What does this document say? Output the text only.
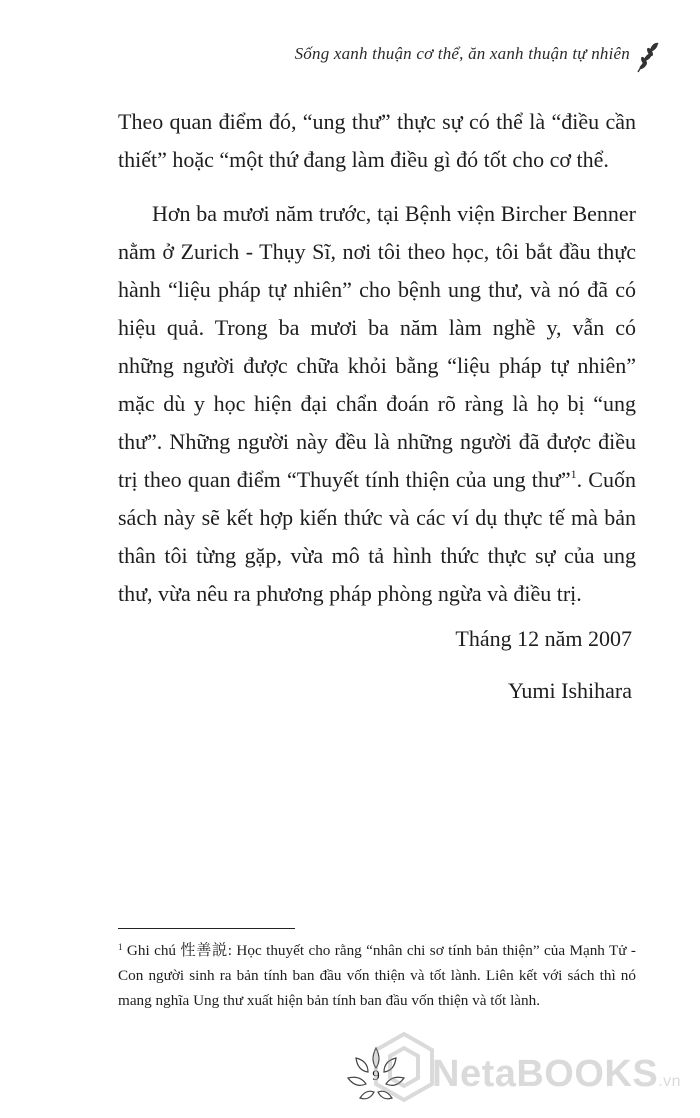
Sống xanh thuận cơ thể, ăn xanh thuận tự nhiên

Theo quan điểm đó, “ung thư” thực sự có thể là “điều cần thiết” hoặc “một thứ đang làm điều gì đó tốt cho cơ thể.

Hơn ba mươi năm trước, tại Bệnh viện Bircher Benner nằm ở Zurich - Thụy Sĩ, nơi tôi theo học, tôi bắt đầu thực hành “liệu pháp tự nhiên” cho bệnh ung thư, và nó đã có hiệu quả. Trong ba mươi ba năm làm nghề y, vẫn có những người được chữa khỏi bằng “liệu pháp tự nhiên” mặc dù y học hiện đại chẩn đoán rõ ràng là họ bị “ung thư”. Những người này đều là những người đã được điều trị theo quan điểm “Thuyết tính thiện của ung thư”$^1$. Cuốn sách này sẽ kết hợp kiến thức và các ví dụ thực tế mà bản thân tôi từng gặp, vừa mô tả hình thức thực sự của ung thư, vừa nêu ra phương pháp phòng ngừa và điều trị.

Tháng 12 năm 2007
Yumi Ishihara
$^1$ Ghi chú 性善説: Học thuyết cho rằng “nhân chi sơ tính bản thiện” của Mạnh Tử - Con người sinh ra bản tính ban đầu vốn thiện và tốt lành. Liên kết với sách thì nó mang nghĩa Ung thư xuất hiện bản tính ban đầu vốn thiện và tốt lành.
9 NetaBOOKS.vn
